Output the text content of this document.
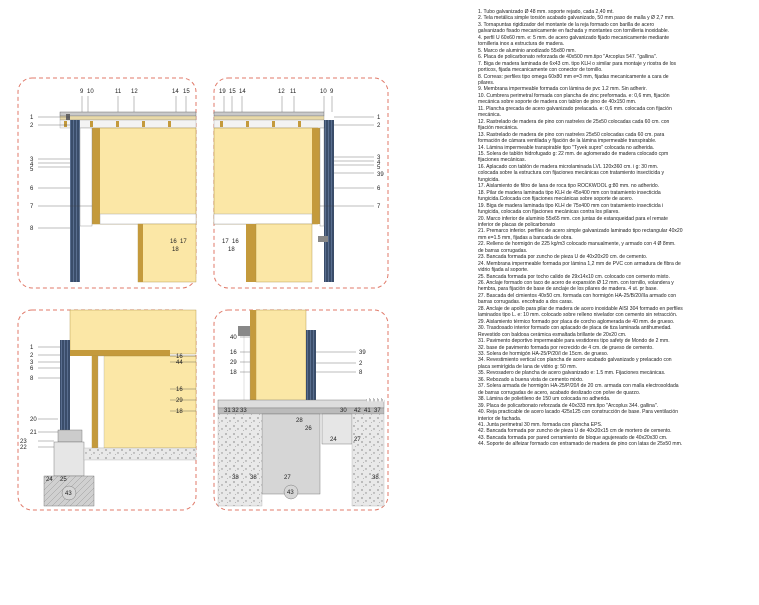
9 10	11 12	14 15
1
2
3
4
5
6
7
8
16 17
18
19 15 14	12 11	10 9
1
2
3
4
5
39
6
7
17 16
18
1
2
3
6
8
20
21
23
22
16
44
16
29
18
24 25
43
40
16
29
18
31 32 33
38
39
2
8
42 41 37
24
38
27
43
38
26
28
27
30
1. Tubo galvanizado Ø 48 mm. soporte rejado, cada 2,40 mt.
2. Tela metálica simple torsión acabado galvanizado, 50 mm paso de malla y Ø 2,7 mm.
3. Tornapuntas rigidizador del montante de la reja formado con barilla de acero
galvanizado fixado mecanicamente en fachada y montantes con tornilleria inoxidable.
4. perfil U 60x60 mm. e: 5 mm. de acero galvanizado fijado mecanicamente mediante
tornilleria inox a estructura de madera.
5. Marco de aluminio anodizado 55x80 mm.
6. Placa de policarbonato reforzada de 40x500 mm.tipo "Arcoplus 547. "gallina".
7. Biga de madera laminada de 6x43 cm. tipo KLH o similar para montaje y riostra de los
porticos, fijada mecanicamente con conector de tornillo.
8. Correas: perfiles tipo omega 60x80 mm e=3 mm, fijadas mecanicamente a cara de
pilares.
9. Membrana impermeable formada con lámina de pvc 1.2 mm. Sin adherir.
10. Cumbrera perimetral formada con plancha de zinc preformada. e: 0,6 mm, fijación
mecánica sobre soporte de madera con tablon de pino de 40x150 mm.
11. Plancha grecada de acero galvanizado prelacada. e: 0,6 mm. colocada con fijación
mecánica.
12. Rastrelado de madera de pino con rastreles de 25x50 colocadas cada 60 cm. con
fijación mecánica.
13. Rastrelado de madera de pino con rastreles 25x50 colocadas cada 60 cm. para
formación de cámara ventilada y fijación de la lámina impermeable transpirable.
14. Lámina impermeable transpirable tipo "Tyvek supro" colocada no adherida.
15. Solera de tablón hidrofugado g: 22 mm. de aglomerado de madera colocado cpm
fijaciones mecánicas.
16. Aplacado con tablón de madera microlaminada LVL 120x360 cm. i g: 30 mm.
colocada sobre la estructura con fijaciones mecánicas con tratamiento insecticida y
fungicida.
17. Aislamiento de filtro de lana de roca tipo ROCKWOOL g:80 mm. no adherido.
18. Pilar de madera laminada tipo KLH de 45x400 mm con tratamiento insecticida
fungicida.Colocada con fijaciones mecánicas sobre soporte de acero.
19. Biga de madera laminada tipo KLH de 75x400 mm con tratamiento insecticida i
fungicida, colocada con fijaciones mecánicas contra los pilares.
20. Marco inferior de aluminio 55x65 mm. con juntas de estanqueidad para el remate
inferior de placas de policarbonato
21. Premarco inferior. perfiles de acero simple galvanizado laminado tipo rectangular 40x20
mm e=1.5 mm, fijadas a bancada de obra.
22. Relleno de hormigón de 225 kg/m3 colocado manualmente, y armado con 4 Ø 8mm.
de barras corrugadas.
23. Bancada formada por zuncho de pieza U de 40x20x20 cm. de cemento.
24. Membrana impermeable formada por lámina 1,2 mm de PVC con armadura de fibra de
vidrio fijada al soporte.
25. Bancada formada por tocho calido de 29x14x10 cm. colocado con cemento mixto.
26. Anclaje formado con taco de acero de expansión Ø 12 mm. con tornillo, volandera y
hembra, para fijación de base de anclaje de los pilares de madera. 4 ut. pr base.
27. Bascada del cimientos 40x50 cm. formada con hormigón HA-25/B/20/IIa armado con
barras corrugadas. encofrado a dos caras.
28. Anclaje de apollo para pilar de madera de acero inoxidable AISI 304 formado en perfiles
laminados tipo L. e: 10 mm. colocado sobre relleno nivelador con cemento sin retracción.
29. Aislamiento térmico formado por placa de corcho aglomerada de 40 mm. de grueso.
30. Trasdosado interior formado con aplacado de placa de tiza laminada antihumedad.
Revestido con baldosa cerámica esmaltada brillante de 20x20 cm.
31. Pavimento deportivo impermeable para vestidores tipo safety de Mondo de 2 mm.
32. base de pavimento formada por recrecido de 4 cm. de grueso de cemento.
33. Solera de hormigón HA-25/P/20/I de 15cm. de grueso.
34. Revestimiento vertical con plancha de acero acabado galvanizado y prelacado con
placa semirígida de lana de vidrio g: 50 mm.
35. Revosadero de plancha de acero galvanizado e: 1.5 mm. Fijaciones mecánicas.
36. Rebozado a buena vista de cemento mixto.
37. Solera armada de hormigón HA-25/P/20/I de 20 cm. armada con malla electrosoldada
de barras corrugadas de acero, acabado deslizado con polve de quarzo.
38. Lámina de polietileno de 150 um colocada no adherida.
39. Placa de policarbonato reforzada de 40x333 mm.tipo "Arcoplus 344. gallina".
40. Reja practicable de acero lacado 425x125 con construcción de base. Para ventilación
interior de fachada.
41. Junta perimetral 30 mm. formada con plancha EPS.
42. Bancada formada por zuncho de pieza U de 40x20x15 cm de mortero de cemento.
43. Bancada formada por pared cerramiento de bloque agujereado de 40x20x30 cm.
44. Soporte de alfeizar formado con entramado de madera de pino con latas de 25x50 mm.
